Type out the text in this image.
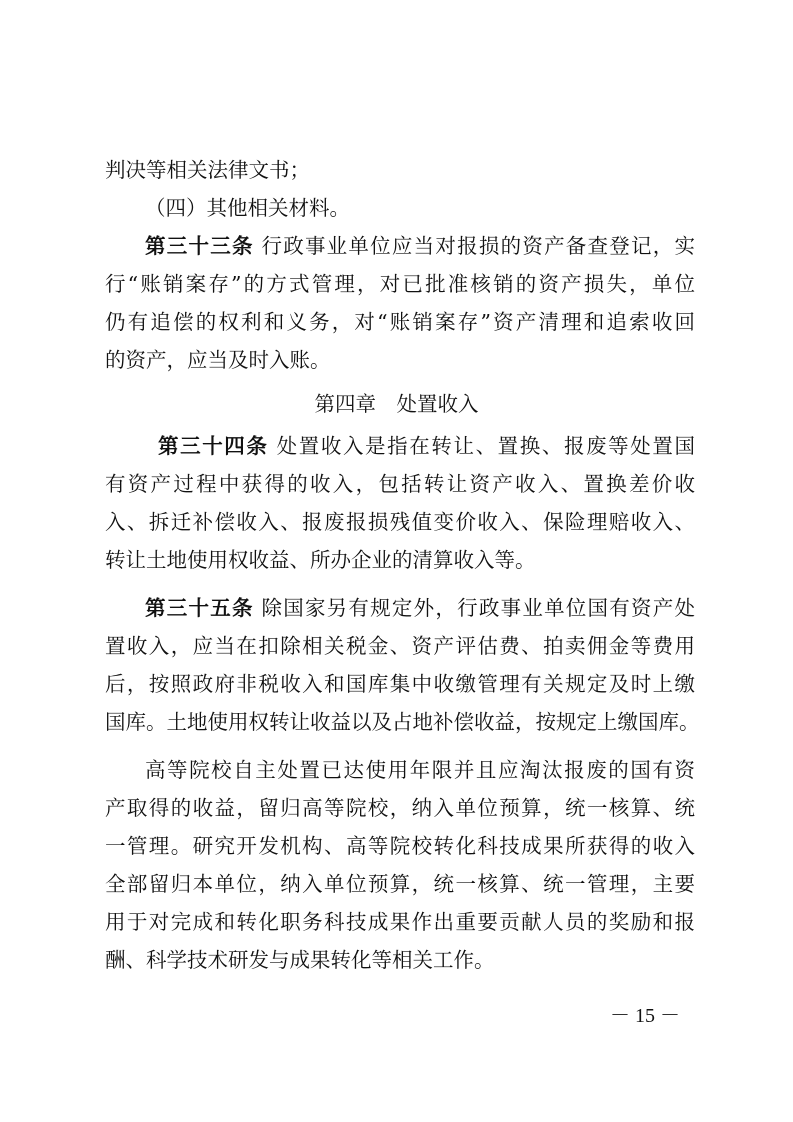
判决等相关法律文书；
（四）其他相关材料。
第三十三条 行政事业单位应当对报损的资产备查登记，实
行“账销案存”的方式管理，对已批准核销的资产损失，单位
仍有追偿的权利和义务，对“账销案存”资产清理和追索收回
的资产，应当及时入账。
第四章　处置收入
第三十四条 处置收入是指在转让、置换、报废等处置国
有资产过程中获得的收入，包括转让资产收入、置换差价收
入、拆迁补偿收入、报废报损残值变价收入、保险理赔收入、
转让土地使用权收益、所办企业的清算收入等。
第三十五条 除国家另有规定外，行政事业单位国有资产处
置收入，应当在扣除相关税金、资产评估费、拍卖佣金等费用
后，按照政府非税收入和国库集中收缴管理有关规定及时上缴
国库。土地使用权转让收益以及占地补偿收益，按规定上缴国库。
高等院校自主处置已达使用年限并且应淘汰报废的国有资
产取得的收益，留归高等院校，纳入单位预算，统一核算、统
一管理。研究开发机构、高等院校转化科技成果所获得的收入
全部留归本单位，纳入单位预算，统一核算、统一管理，主要
用于对完成和转化职务科技成果作出重要贡献人员的奖励和报
酬、科学技术研发与成果转化等相关工作。
－ 15 －
